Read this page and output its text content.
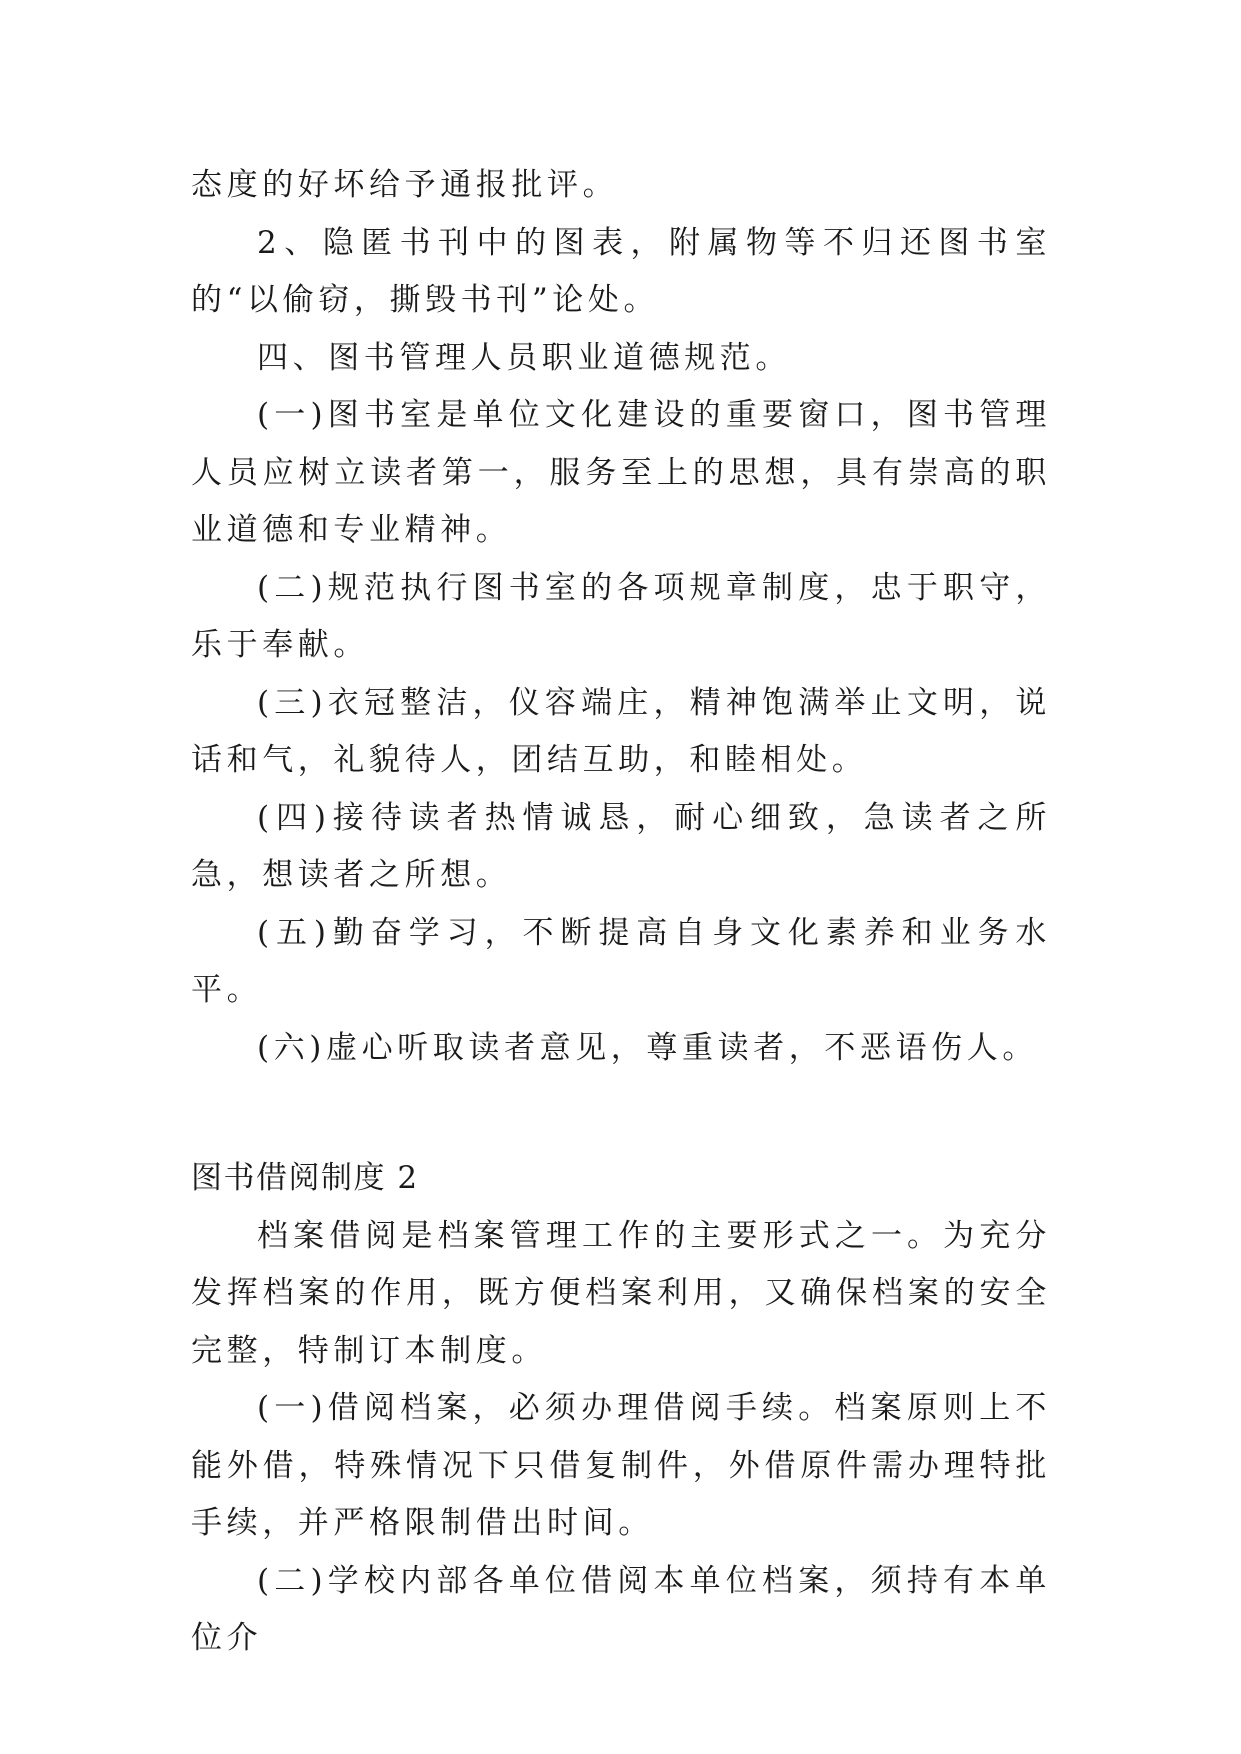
态度的好坏给予通报批评。

2、隐匿书刊中的图表，附属物等不归还图书室的“以偷窃，撕毁书刊”论处。

四、图书管理人员职业道德规范。

(一)图书室是单位文化建设的重要窗口，图书管理人员应树立读者第一，服务至上的思想，具有崇高的职业道德和专业精神。

(二)规范执行图书室的各项规章制度，忠于职守，乐于奉献。

(三)衣冠整洁，仪容端庄，精神饱满举止文明，说话和气，礼貌待人，团结互助，和睦相处。

(四)接待读者热情诚恳，耐心细致，急读者之所急，想读者之所想。

(五)勤奋学习，不断提高自身文化素养和业务水平。

(六)虚心听取读者意见，尊重读者，不恶语伤人。

图书借阅制度 2

档案借阅是档案管理工作的主要形式之一。为充分发挥档案的作用，既方便档案利用，又确保档案的安全完整，特制订本制度。

(一)借阅档案，必须办理借阅手续。档案原则上不能外借，特殊情况下只借复制件，外借原件需办理特批手续，并严格限制借出时间。

(二)学校内部各单位借阅本单位档案，须持有本单位介
